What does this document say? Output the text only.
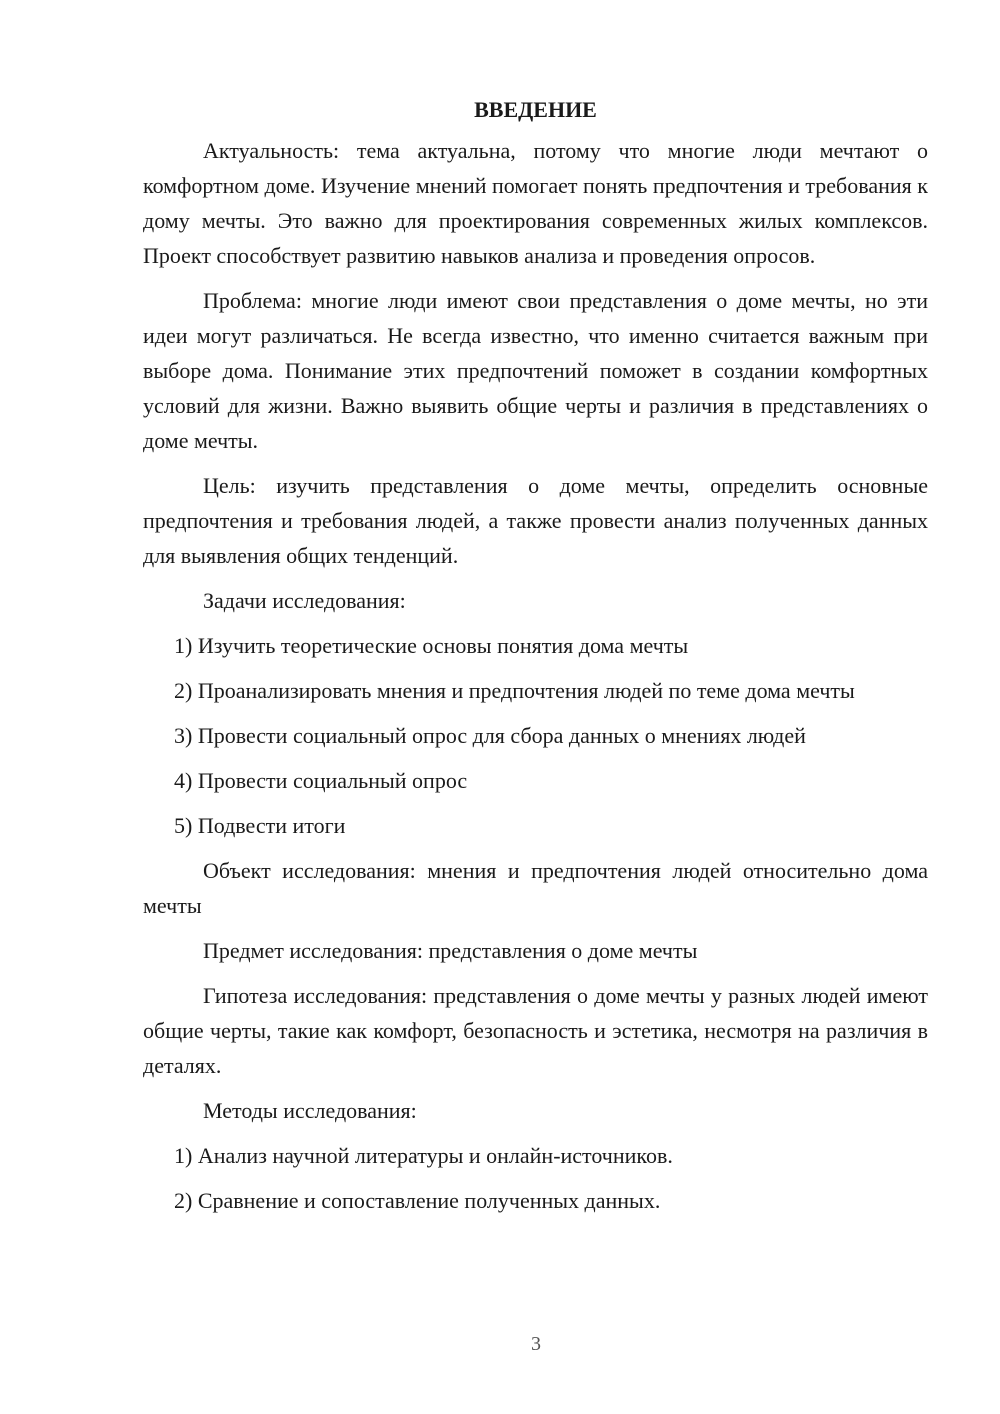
ВВЕДЕНИЕ

Актуальность: тема актуальна, потому что многие люди мечтают о комфортном доме. Изучение мнений помогает понять предпочтения и требования к дому мечты. Это важно для проектирования современных жилых комплексов. Проект способствует развитию навыков анализа и проведения опросов.

Проблема: многие люди имеют свои представления о доме мечты, но эти идеи могут различаться. Не всегда известно, что именно считается важным при выборе дома. Понимание этих предпочтений поможет в создании комфортных условий для жизни. Важно выявить общие черты и различия в представлениях о доме мечты.

Цель: изучить представления о доме мечты, определить основные предпочтения и требования людей, а также провести анализ полученных данных для выявления общих тенденций.

Задачи исследования:

1) Изучить теоретические основы понятия дома мечты

2) Проанализировать мнения и предпочтения людей по теме дома мечты

3) Провести социальный опрос для сбора данных о мнениях людей

4) Провести социальный опрос

5) Подвести итоги

Объект исследования: мнения и предпочтения людей относительно дома мечты

Предмет исследования: представления о доме мечты

Гипотеза исследования: представления о доме мечты у разных людей имеют общие черты, такие как комфорт, безопасность и эстетика, несмотря на различия в деталях.

Методы исследования:

1) Анализ научной литературы и онлайн-источников.

2) Сравнение и сопоставление полученных данных.

3
